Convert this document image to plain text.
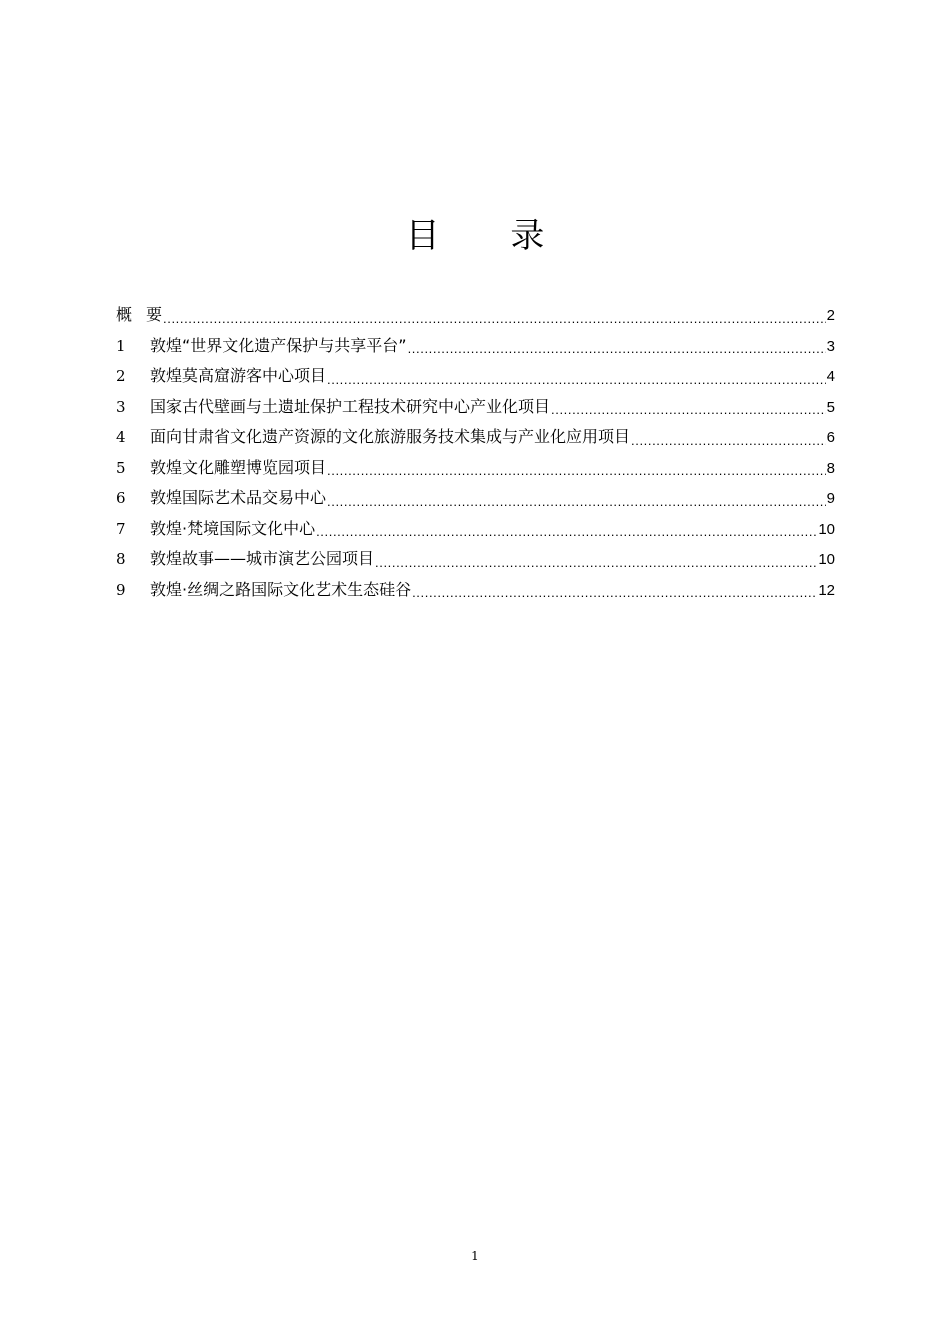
目 录
概要 .....	2
1	敦煌“世界文化遗产保护与共享平台” .....	3
2	敦煌莫高窟游客中心项目 .....	4
3	国家古代壁画与土遗址保护工程技术研究中心产业化项目 .....	5
4	面向甘肃省文化遗产资源的文化旅游服务技术集成与产业化应用项目 .....	6
5	敦煌文化雕塑博览园项目 .....	8
6	敦煌国际艺术品交易中心 .....	9
7	敦煌·梵境国际文化中心 .....	10
8	敦煌故事——城市演艺公园项目 .....	10
9	敦煌·丝绸之路国际文化艺术生态硅谷 .....	12
1
